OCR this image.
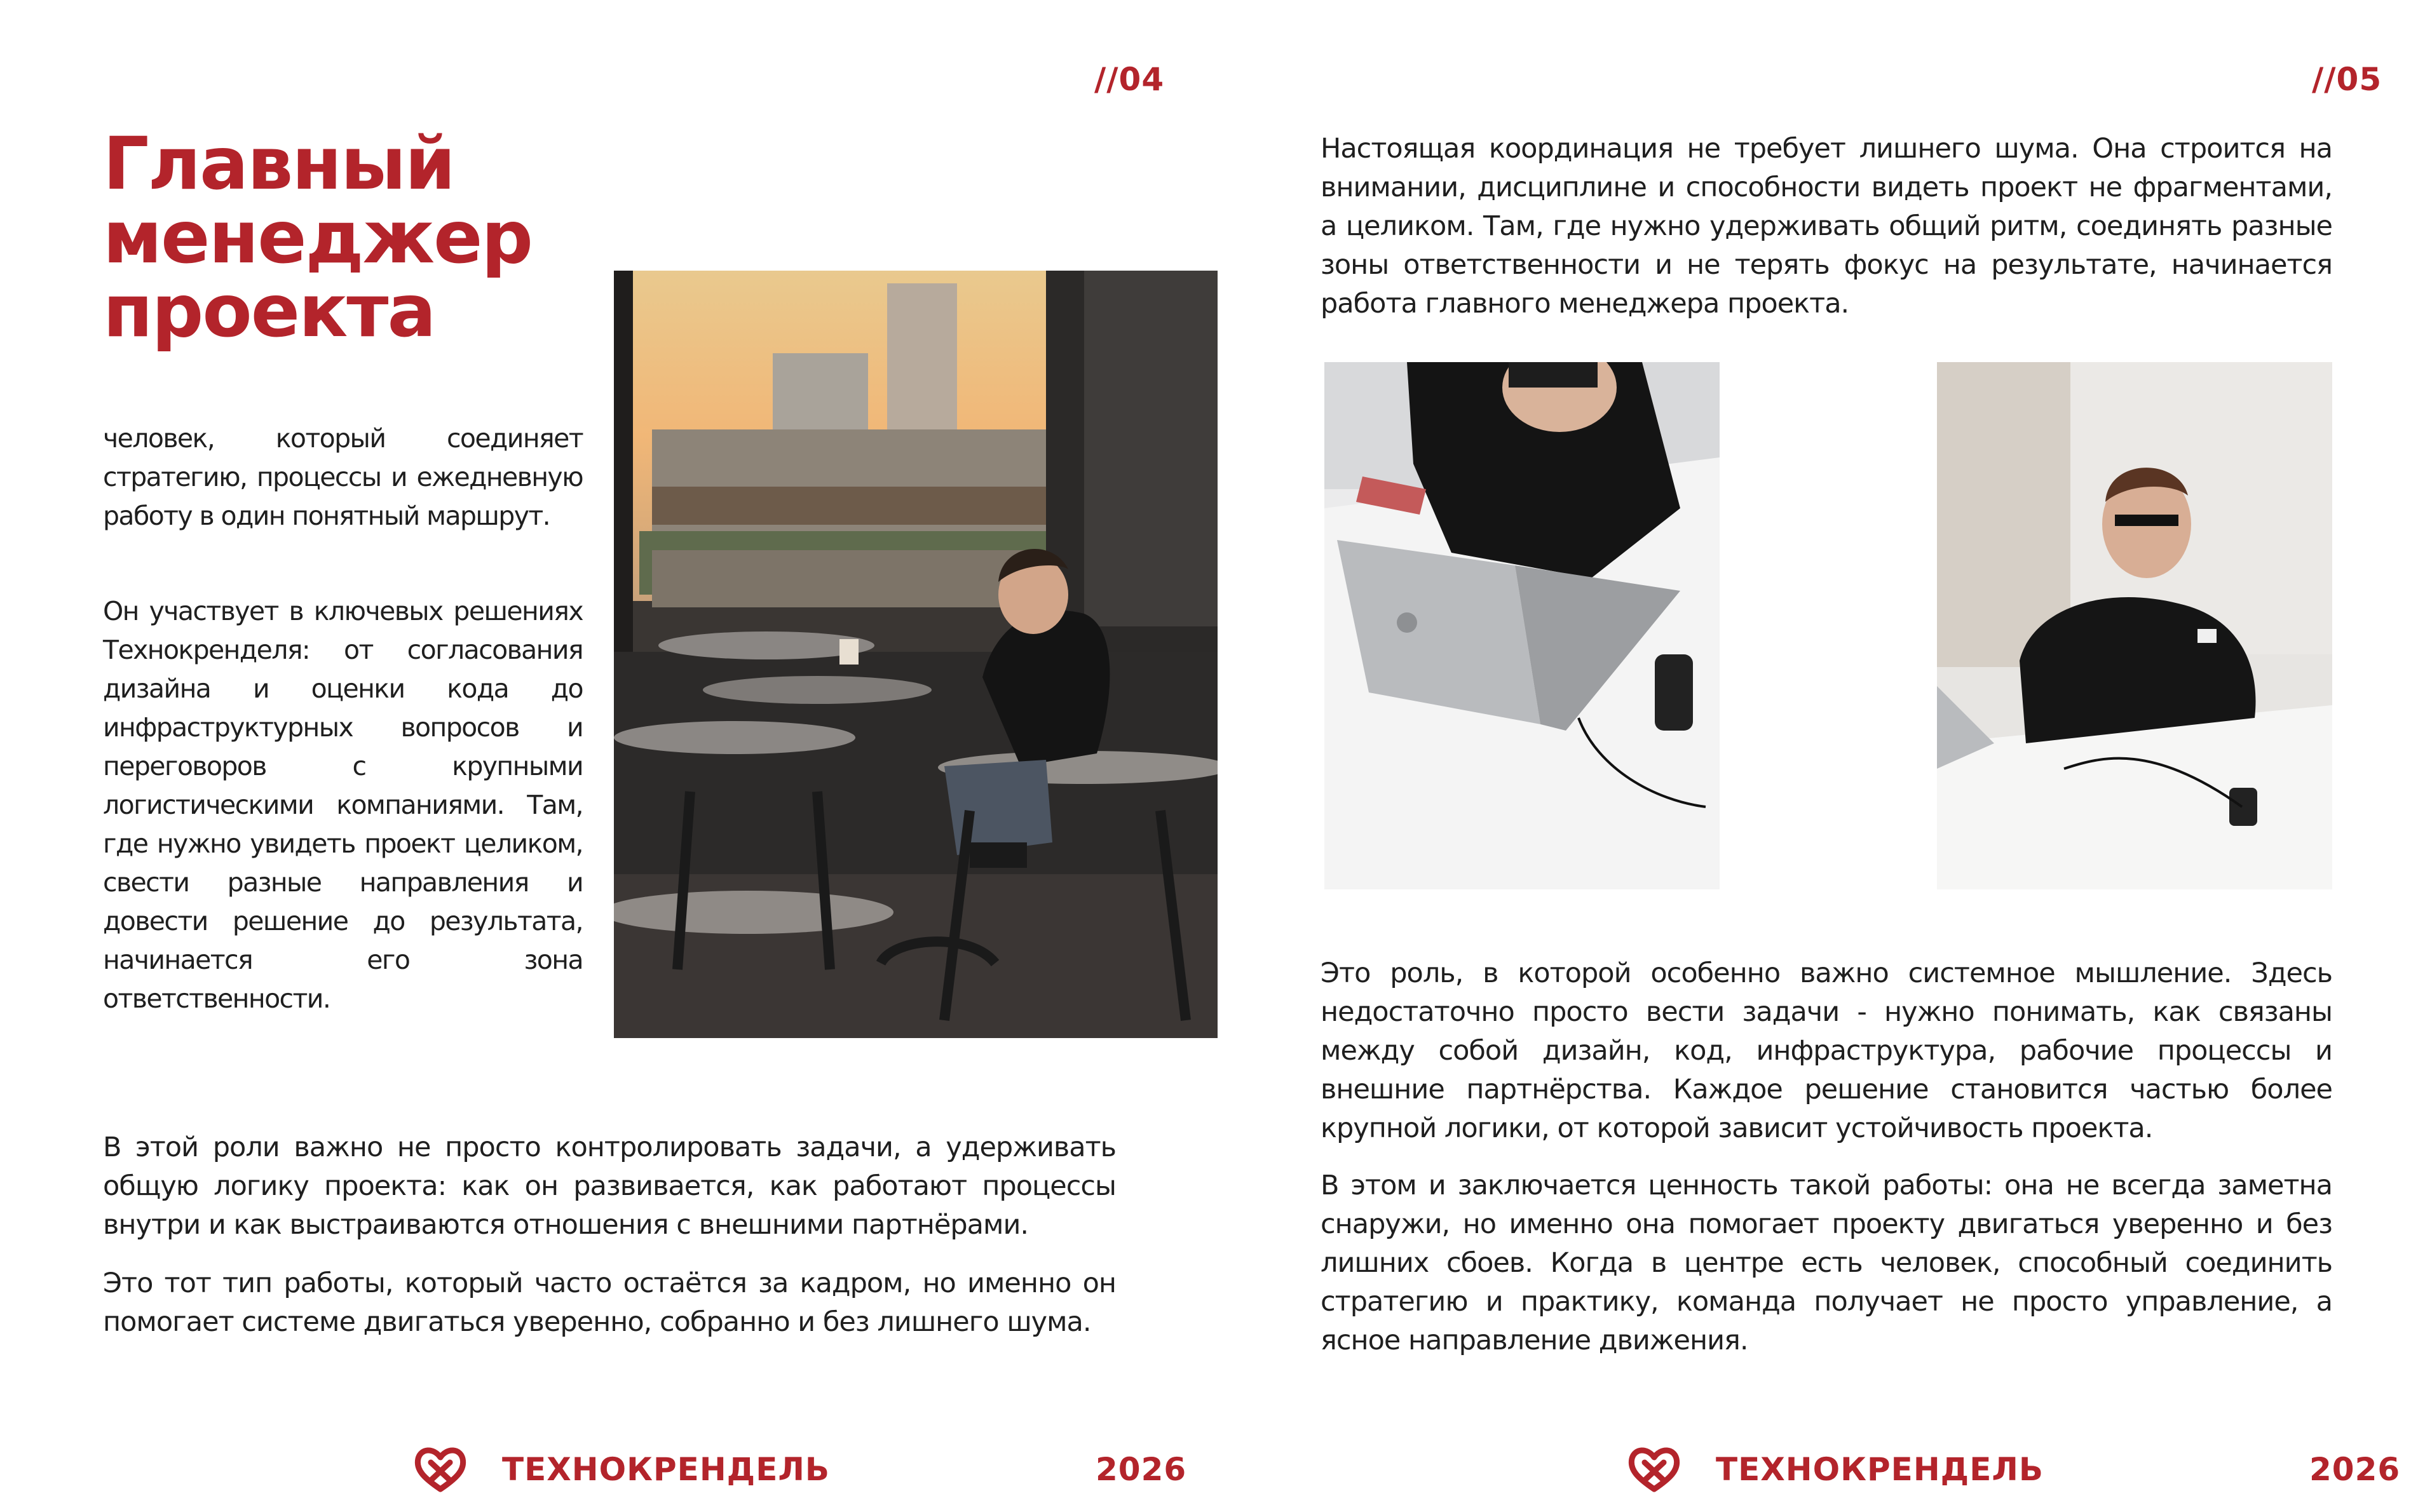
//04
Главный менеджер проекта

человек, который соединяет стратегию, процессы и ежедневную работу в один понятный маршрут.

Он участвует в ключевых решениях Технокренделя: от согласования дизайна и оценки кода до инфраструктурных вопросов и переговоров с крупными логистическими компаниями. Там, где нужно увидеть проект целиком, свести разные направления и довести решение до результата, начинается его зона ответственности.

В этой роли важно не просто контролировать задачи, а удерживать общую логику проекта: как он развивается, как работают процессы внутри и как выстраиваются отношения с внешними партнёрами.

Это тот тип работы, который часто остаётся за кадром, но именно он помогает системе двигаться уверенно, собранно и без лишнего шума.

ТЕХНОКРЕНДЕЛЬ	2026
//05

Настоящая координация не требует лишнего шума. Она строится на внимании, дисциплине и способности видеть проект не фрагментами, а целиком. Там, где нужно удерживать общий ритм, соединять разные зоны ответственности и не терять фокус на результате, начинается работа главного менеджера проекта.

Это роль, в которой особенно важно системное мышление. Здесь недостаточно просто вести задачи - нужно понимать, как связаны между собой дизайн, код, инфраструктура, рабочие процессы и внешние партнёрства. Каждое решение становится частью более крупной логики, от которой зависит устойчивость проекта.

В этом и заключается ценность такой работы: она не всегда заметна снаружи, но именно она помогает проекту двигаться уверенно и без лишних сбоев. Когда в центре есть человек, способный соединить стратегию и практику, команда получает не просто управление, а ясное направление движения.

ТЕХНОКРЕНДЕЛЬ	2026
